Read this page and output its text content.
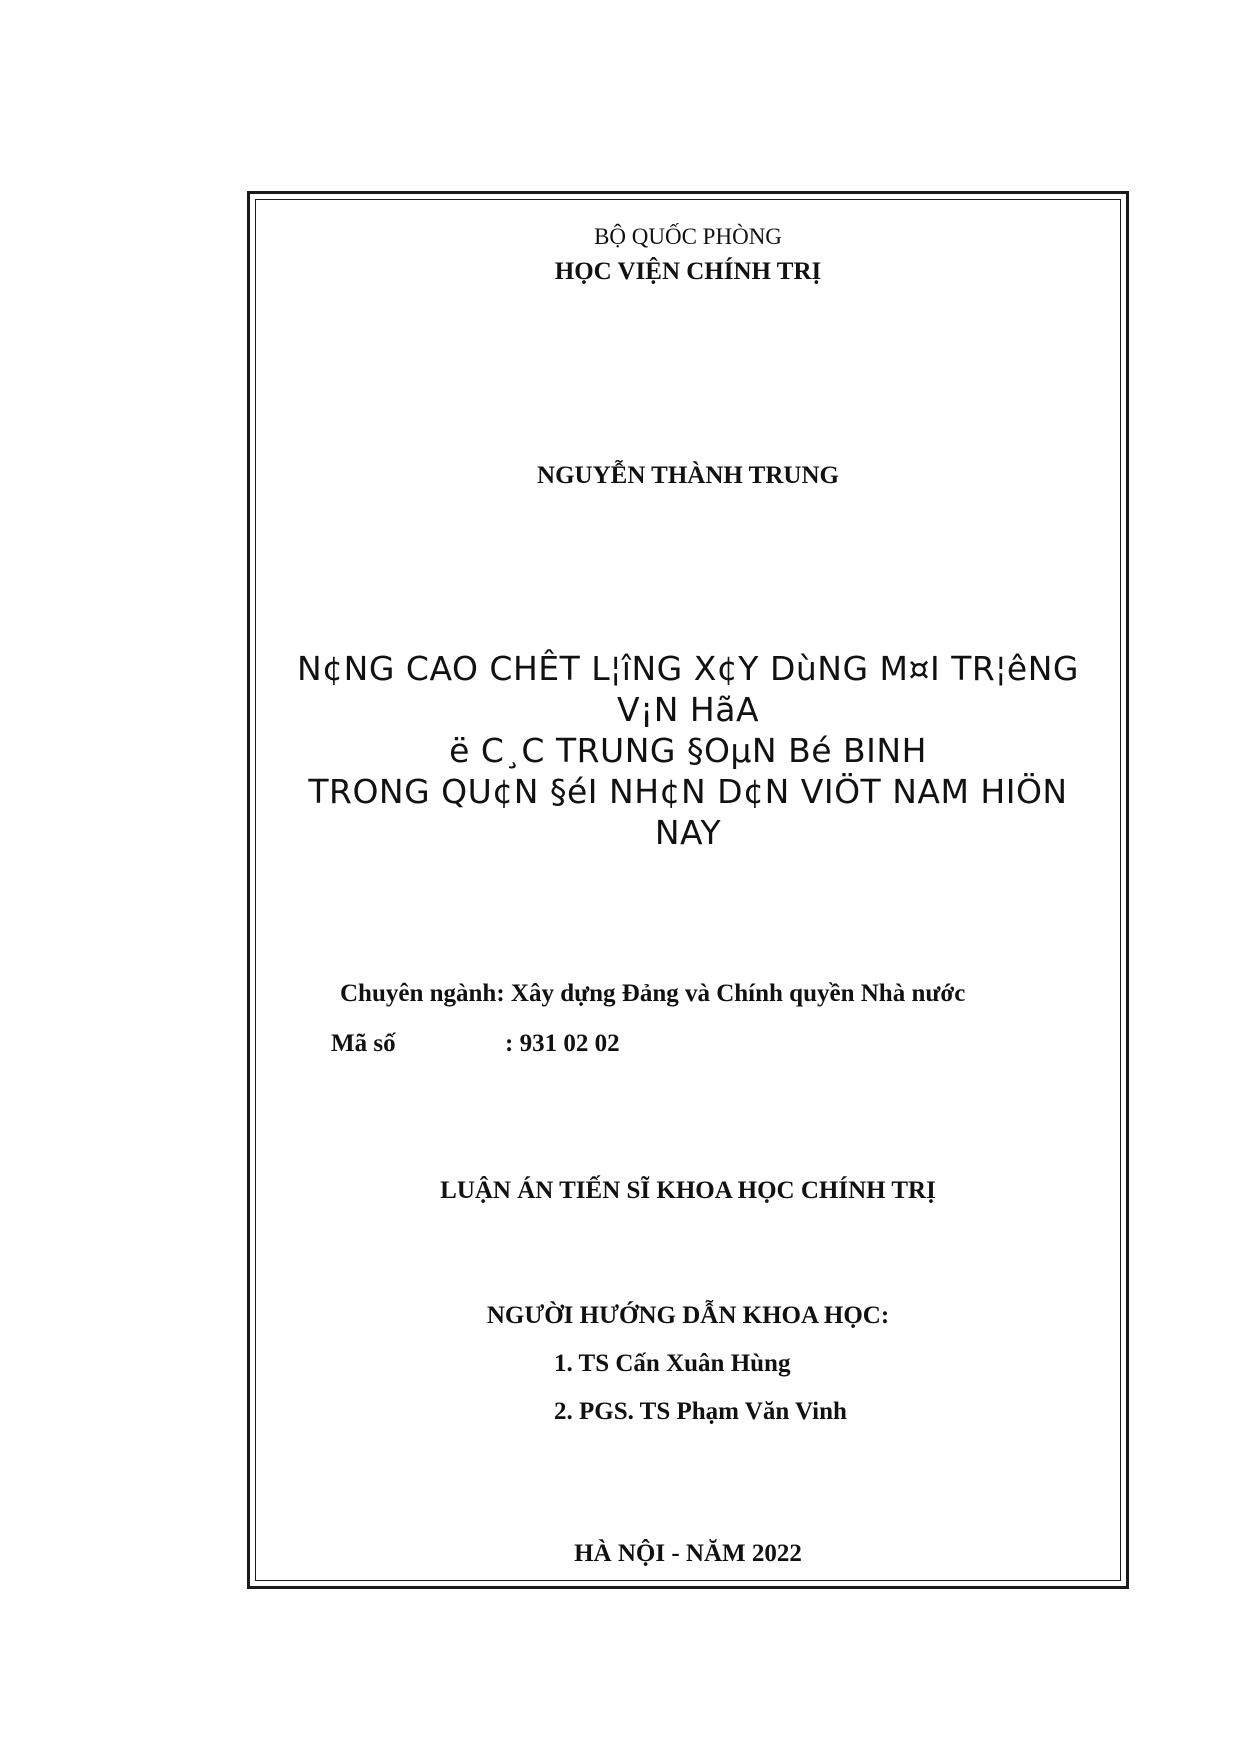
BỘ QUỐC PHÒNG
HỌC VIỆN CHÍNH TRỊ
NGUYỄN THÀNH TRUNG
N¢NG CAO CHÊT L¦îNG X¢Y DùNG M¤I TR¦êNG
V¡N HãA
ë C¸C TRUNG §OµN Bé BINH
TRONG QU¢N §éI NH¢N D¢N VIÖT NAM HIÖN
NAY
Chuyên ngành: Xây dựng Đảng và Chính quyền Nhà nước
Mã số	: 931 02 02
LUẬN ÁN TIẾN SĨ KHOA HỌC CHÍNH TRỊ
NGƯỜI HƯỚNG DẪN KHOA HỌC:
1. TS Cấn Xuân Hùng
2. PGS. TS Phạm Văn Vinh
HÀ NỘI - NĂM 2022
